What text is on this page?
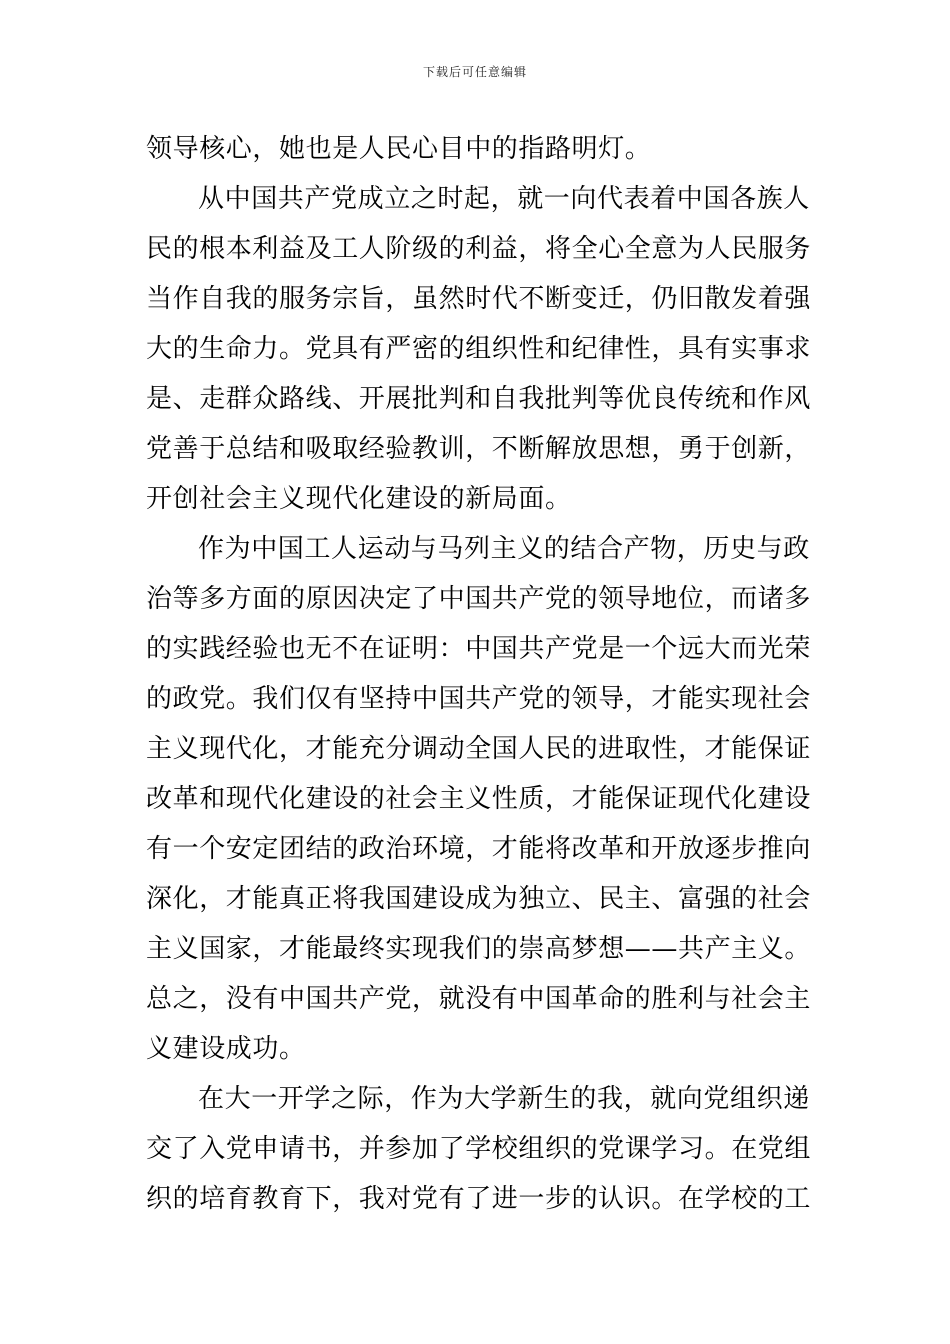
下载后可任意编辑
领导核心，她也是人民心目中的指路明灯。
从中国共产党成立之时起，就一向代表着中国各族人
民的根本利益及工人阶级的利益，将全心全意为人民服务
当作自我的服务宗旨，虽然时代不断变迁，仍旧散发着强
大的生命力。党具有严密的组织性和纪律性，具有实事求
是、走群众路线、开展批判和自我批判等优良传统和作风
党善于总结和吸取经验教训，不断解放思想，勇于创新，
开创社会主义现代化建设的新局面。
作为中国工人运动与马列主义的结合产物，历史与政
治等多方面的原因决定了中国共产党的领导地位，而诸多
的实践经验也无不在证明：中国共产党是一个远大而光荣
的政党。我们仅有坚持中国共产党的领导，才能实现社会
主义现代化，才能充分调动全国人民的进取性，才能保证
改革和现代化建设的社会主义性质，才能保证现代化建设
有一个安定团结的政治环境，才能将改革和开放逐步推向
深化，才能真正将我国建设成为独立、民主、富强的社会
主义国家，才能最终实现我们的崇高梦想——共产主义。
总之，没有中国共产党，就没有中国革命的胜利与社会主
义建设成功。
在大一开学之际，作为大学新生的我，就向党组织递
交了入党申请书，并参加了学校组织的党课学习。在党组
织的培育教育下，我对党有了进一步的认识。在学校的工
